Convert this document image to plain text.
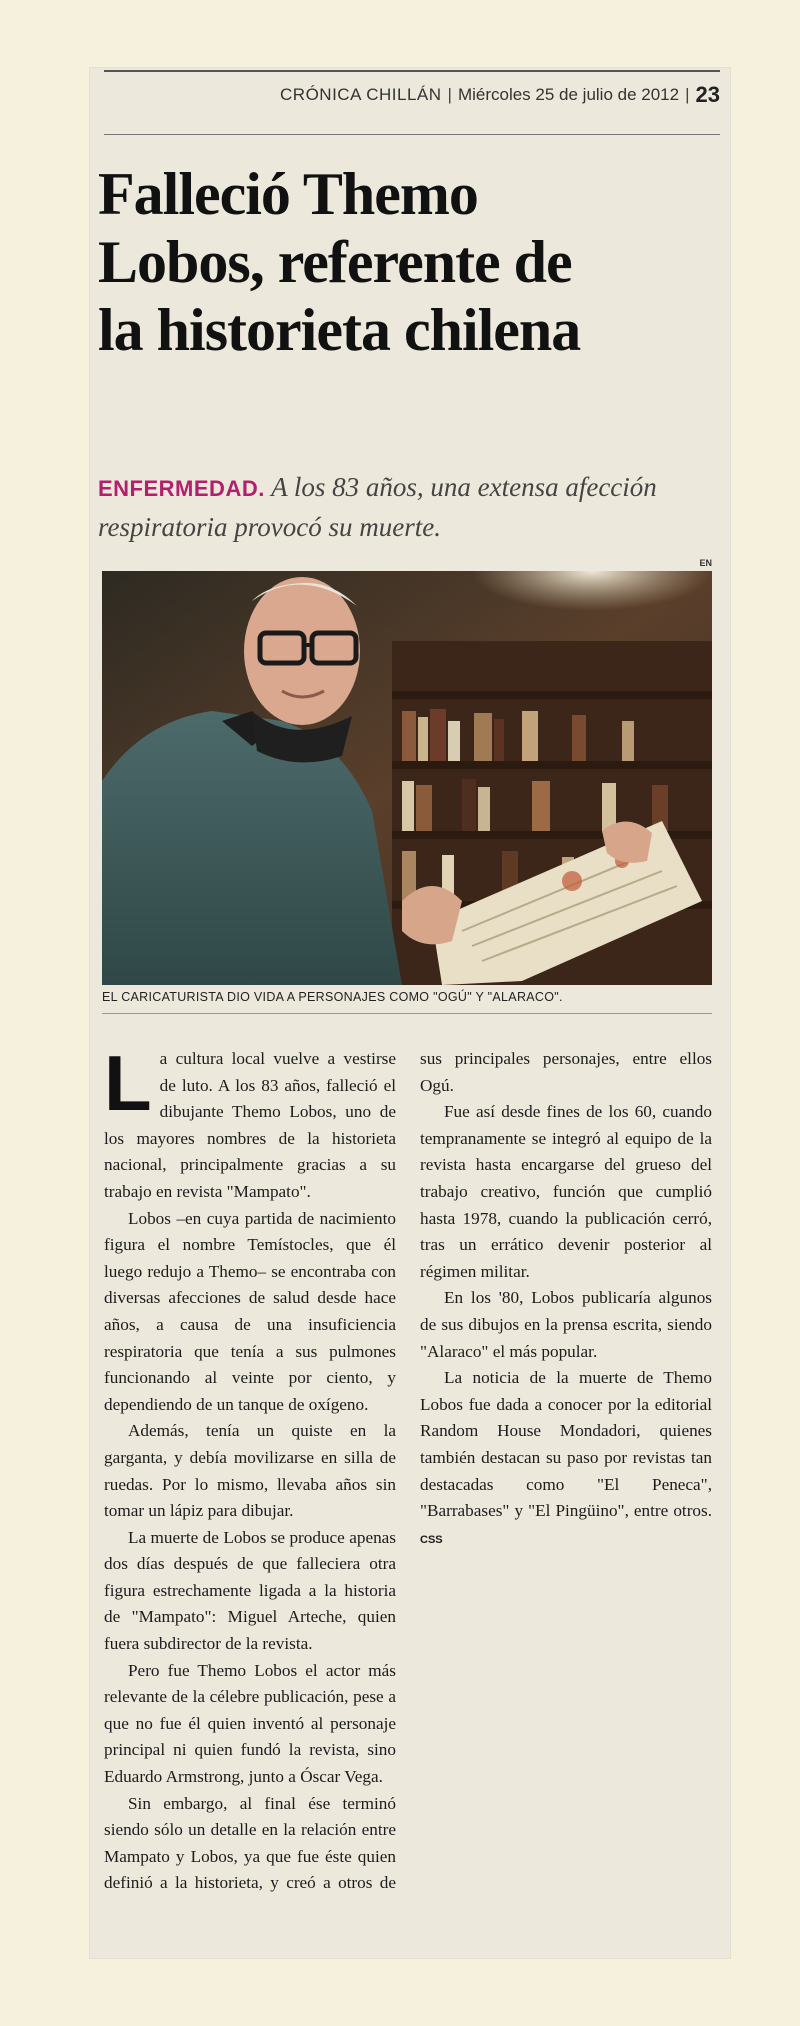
CRÓNICA CHILLÁN | Miércoles 25 de julio de 2012 | 23
Falleció Themo
Lobos, referente de
la historieta chilena
ENFERMEDAD. A los 83 años, una extensa afección respiratoria provocó su muerte.
EN
EL CARICATURISTA DIO VIDA A PERSONAJES COMO "OGÚ" Y "ALARACO".

La cultura local vuelve a vestirse de luto. A los 83 años, falleció el dibujante Themo Lobos, uno de los mayores nombres de la historieta nacional, principalmente gracias a su trabajo en revista "Mampato".

Lobos –en cuya partida de nacimiento figura el nombre Temístocles, que él luego redujo a Themo– se encontraba con diversas afecciones de salud desde hace años, a causa de una insuficiencia respiratoria que tenía a sus pulmones funcionando al veinte por ciento, y dependiendo de un tanque de oxígeno.

Además, tenía un quiste en la garganta, y debía movilizarse en silla de ruedas. Por lo mismo, llevaba años sin tomar un lápiz para dibujar.

La muerte de Lobos se produce apenas dos días después de que falleciera otra figura estrechamente ligada a la historia de "Mampato": Miguel Arteche, quien fuera subdirector de la revista.

Pero fue Themo Lobos el actor más relevante de la célebre publicación, pese a que no fue él quien inventó al personaje principal ni quien fundó la revista, sino Eduardo Armstrong, junto a Óscar Vega.

Sin embargo, al final ése terminó siendo sólo un detalle en la relación entre Mampato y Lobos, ya que fue éste quien definió a la historieta, y creó a otros de sus principales personajes, entre ellos Ogú.

Fue así desde fines de los 60, cuando tempranamente se integró al equipo de la revista hasta encargarse del grueso del trabajo creativo, función que cumplió hasta 1978, cuando la publicación cerró, tras un errático devenir posterior al régimen militar.

En los '80, Lobos publicaría algunos de sus dibujos en la prensa escrita, siendo "Alaraco" el más popular.

La noticia de la muerte de Themo Lobos fue dada a conocer por la editorial Random House Mondadori, quienes también destacan su paso por revistas tan destacadas como "El Peneca", "Barrabases" y "El Pingüino", entre otros. CSS
